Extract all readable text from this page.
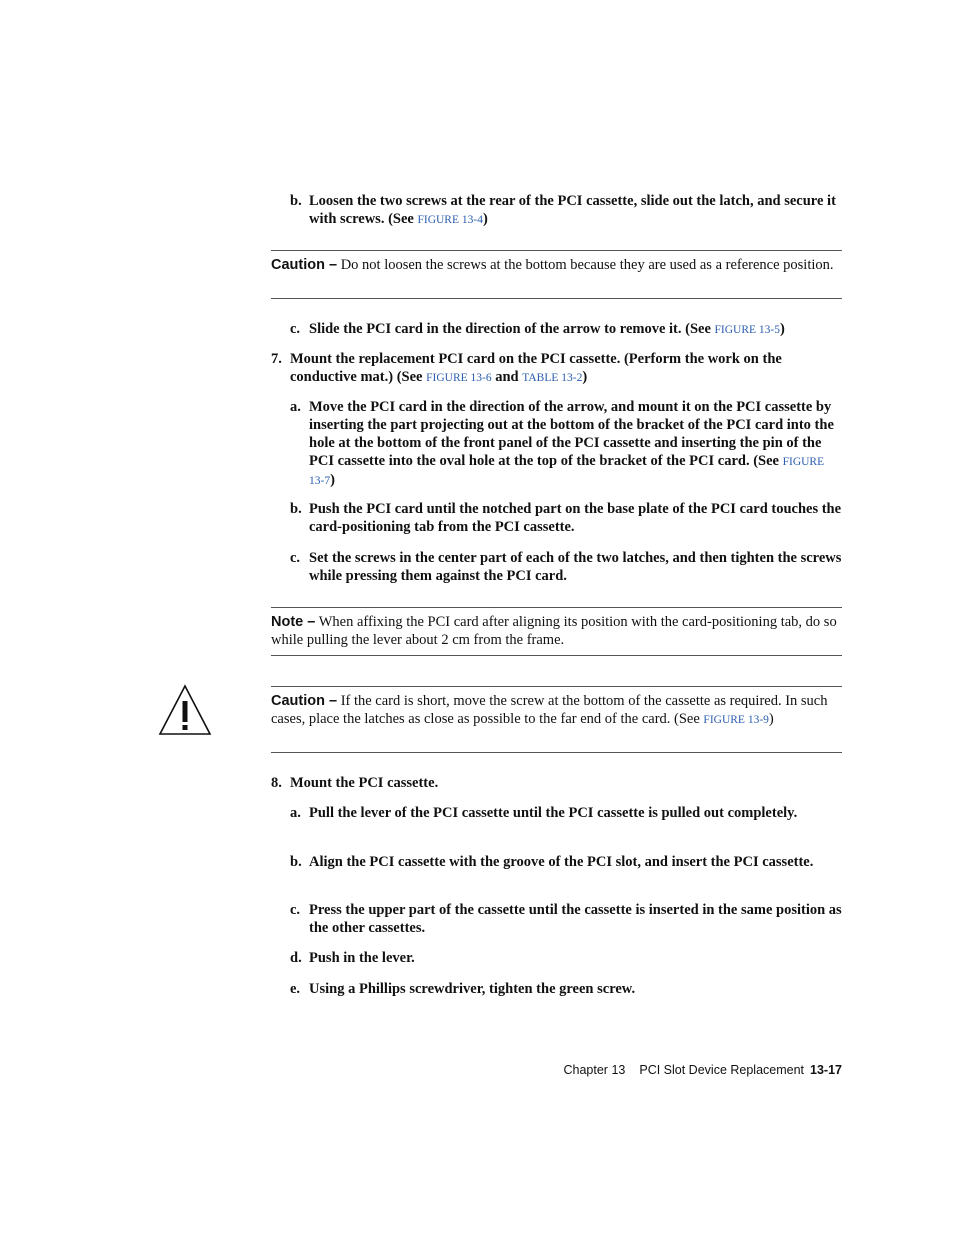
b. Loosen the two screws at the rear of the PCI cassette, slide out the latch, and secure it with screws. (See FIGURE 13-4)
Caution – Do not loosen the screws at the bottom because they are used as a reference position.
c. Slide the PCI card in the direction of the arrow to remove it. (See FIGURE 13-5)
7. Mount the replacement PCI card on the PCI cassette. (Perform the work on the conductive mat.) (See FIGURE 13-6 and TABLE 13-2)
a. Move the PCI card in the direction of the arrow, and mount it on the PCI cassette by inserting the part projecting out at the bottom of the bracket of the PCI card into the hole at the bottom of the front panel of the PCI cassette and inserting the pin of the PCI cassette into the oval hole at the top of the bracket of the PCI card. (See FIGURE 13-7)
b. Push the PCI card until the notched part on the base plate of the PCI card touches the card-positioning tab from the PCI cassette.
c. Set the screws in the center part of each of the two latches, and then tighten the screws while pressing them against the PCI card.
Note – When affixing the PCI card after aligning its position with the card-positioning tab, do so while pulling the lever about 2 cm from the frame.
Caution – If the card is short, move the screw at the bottom of the cassette as required. In such cases, place the latches as close as possible to the far end of the card. (See FIGURE 13-9)
8. Mount the PCI cassette.
a. Pull the lever of the PCI cassette until the PCI cassette is pulled out completely.
b. Align the PCI cassette with the groove of the PCI slot, and insert the PCI cassette.
c. Press the upper part of the cassette until the cassette is inserted in the same position as the other cassettes.
d. Push in the lever.
e. Using a Phillips screwdriver, tighten the green screw.
Chapter 13 PCI Slot Device Replacement 13-17
